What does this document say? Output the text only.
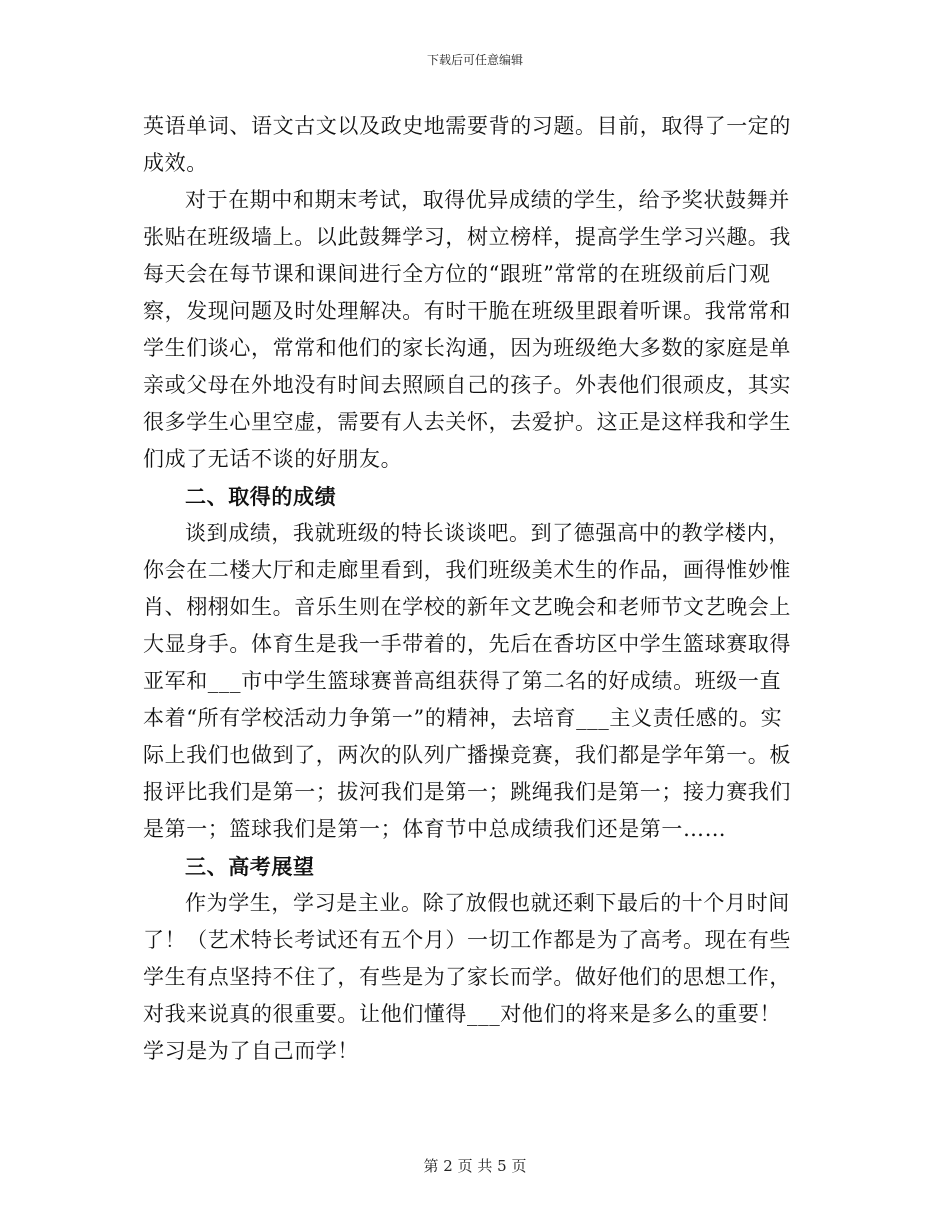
下载后可任意编辑

英语单词、语文古文以及政史地需要背的习题。目前，取得了一定的成效。

对于在期中和期末考试，取得优异成绩的学生，给予奖状鼓舞并张贴在班级墙上。以此鼓舞学习，树立榜样，提高学生学习兴趣。我每天会在每节课和课间进行全方位的“跟班”常常的在班级前后门观察，发现问题及时处理解决。有时干脆在班级里跟着听课。我常常和学生们谈心，常常和他们的家长沟通，因为班级绝大多数的家庭是单亲或父母在外地没有时间去照顾自己的孩子。外表他们很顽皮，其实很多学生心里空虚，需要有人去关怀，去爱护。这正是这样我和学生们成了无话不谈的好朋友。

二、取得的成绩

谈到成绩，我就班级的特长谈谈吧。到了德强高中的教学楼内，你会在二楼大厅和走廊里看到，我们班级美术生的作品，画得惟妙惟肖、栩栩如生。音乐生则在学校的新年文艺晚会和老师节文艺晚会上大显身手。体育生是我一手带着的，先后在香坊区中学生篮球赛取得亚军和___市中学生篮球赛普高组获得了第二名的好成绩。班级一直本着“所有学校活动力争第一”的精神，去培育___主义责任感的。实际上我们也做到了，两次的队列广播操竞赛，我们都是学年第一。板报评比我们是第一；拔河我们是第一；跳绳我们是第一；接力赛我们是第一；篮球我们是第一；体育节中总成绩我们还是第一……

三、高考展望

作为学生，学习是主业。除了放假也就还剩下最后的十个月时间了！（艺术特长考试还有五个月）一切工作都是为了高考。现在有些学生有点坚持不住了，有些是为了家长而学。做好他们的思想工作，对我来说真的很重要。让他们懂得___对他们的将来是多么的重要！学习是为了自己而学！

第 2 页 共 5 页
